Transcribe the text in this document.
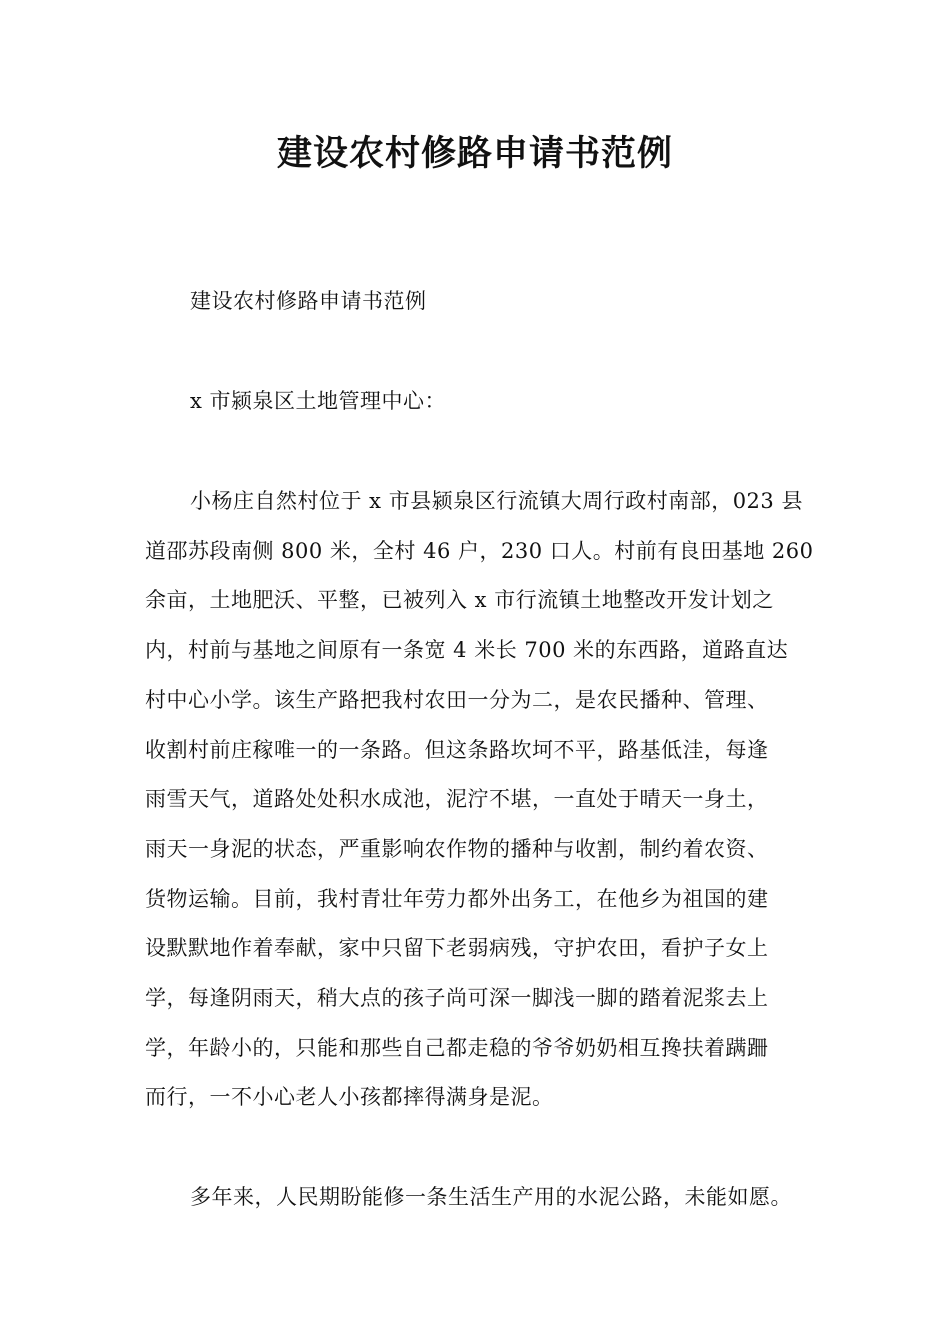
建设农村修路申请书范例

建设农村修路申请书范例

x 市颍泉区土地管理中心：

小杨庄自然村位于 x 市县颍泉区行流镇大周行政村南部，023 县
道邵苏段南侧 800 米，全村 46 户，230 口人。村前有良田基地 260
余亩，土地肥沃、平整，已被列入 x 市行流镇土地整改开发计划之
内，村前与基地之间原有一条宽 4 米长 700 米的东西路，道路直达
村中心小学。该生产路把我村农田一分为二，是农民播种、管理、
收割村前庄稼唯一的一条路。但这条路坎坷不平，路基低洼，每逢
雨雪天气，道路处处积水成池，泥泞不堪，一直处于晴天一身土，
雨天一身泥的状态，严重影响农作物的播种与收割，制约着农资、
货物运输。目前，我村青壮年劳力都外出务工，在他乡为祖国的建
设默默地作着奉献，家中只留下老弱病残，守护农田，看护子女上
学，每逢阴雨天，稍大点的孩子尚可深一脚浅一脚的踏着泥浆去上
学，年龄小的，只能和那些自己都走稳的爷爷奶奶相互搀扶着蹒跚
而行，一不小心老人小孩都摔得满身是泥。

多年来，人民期盼能修一条生活生产用的水泥公路，未能如愿。
